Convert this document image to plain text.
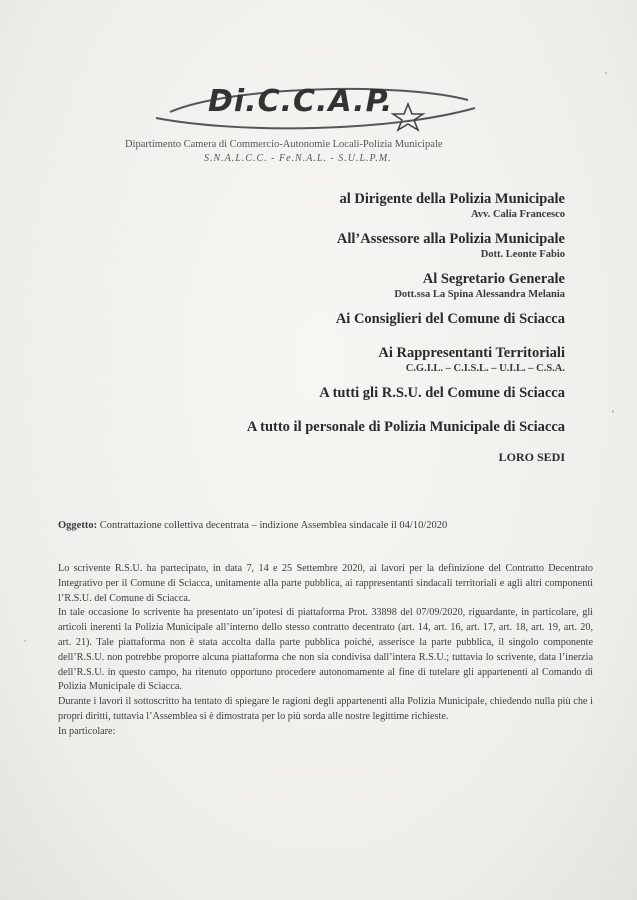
Di.C.C.A.P.
Dipartimento Camera di Commercio-Autonomie Locali-Polizia Municipale
S.N.A.L.C.C. - Fe.N.A.L. - S.U.L.P.M.

al Dirigente della Polizia Municipale

Avv. Calia Francesco

All’Assessore alla Polizia Municipale

Dott. Leonte Fabio

Al Segretario Generale

Dott.ssa La Spina Alessandra Melania

Ai Consiglieri del Comune di Sciacca

Ai Rappresentanti Territoriali

C.G.I.L. – C.I.S.L. – U.I.L. – C.S.A.

A tutti gli R.S.U. del Comune di Sciacca

A tutto il personale di Polizia Municipale di Sciacca

LORO SEDI

Oggetto: Contrattazione collettiva decentrata – indizione Assemblea sindacale il 04/10/2020

Lo scrivente R.S.U. ha partecipato, in data 7, 14 e 25 Settembre 2020, ai lavori per la definizione del Contratto Decentrato Integrativo per il Comune di Sciacca, unitamente alla parte pubblica, ai rappresentanti sindacali territoriali e agli altri componenti l’R.S.U. del Comune di Sciacca.

In tale occasione lo scrivente ha presentato un’ipotesi di piattaforma Prot. 33898 del 07/09/2020, riguardante, in particolare, gli articoli inerenti la Polizia Municipale all’interno dello stesso contratto decentrato (art. 14, art. 16, art. 17, art. 18, art. 19, art. 20, art. 21). Tale piattaforma non è stata accolta dalla parte pubblica poiché, asserisce la parte pubblica, il singolo componente dell’R.S.U. non potrebbe proporre alcuna piattaforma che non sia condivisa dall’intera R.S.U.; tuttavia lo scrivente, data l’inerzia dell’R.S.U. in questo campo, ha ritenuto opportuno procedere autonomamente al fine di tutelare gli appartenenti al Comando di Polizia Municipale di Sciacca.

Durante i lavori il sottoscritto ha tentato di spiegare le ragioni degli appartenenti alla Polizia Municipale, chiedendo nulla più che i propri diritti, tuttavia l’Assemblea si è dimostrata per lo più sorda alle nostre legittime richieste.

In particolare:
